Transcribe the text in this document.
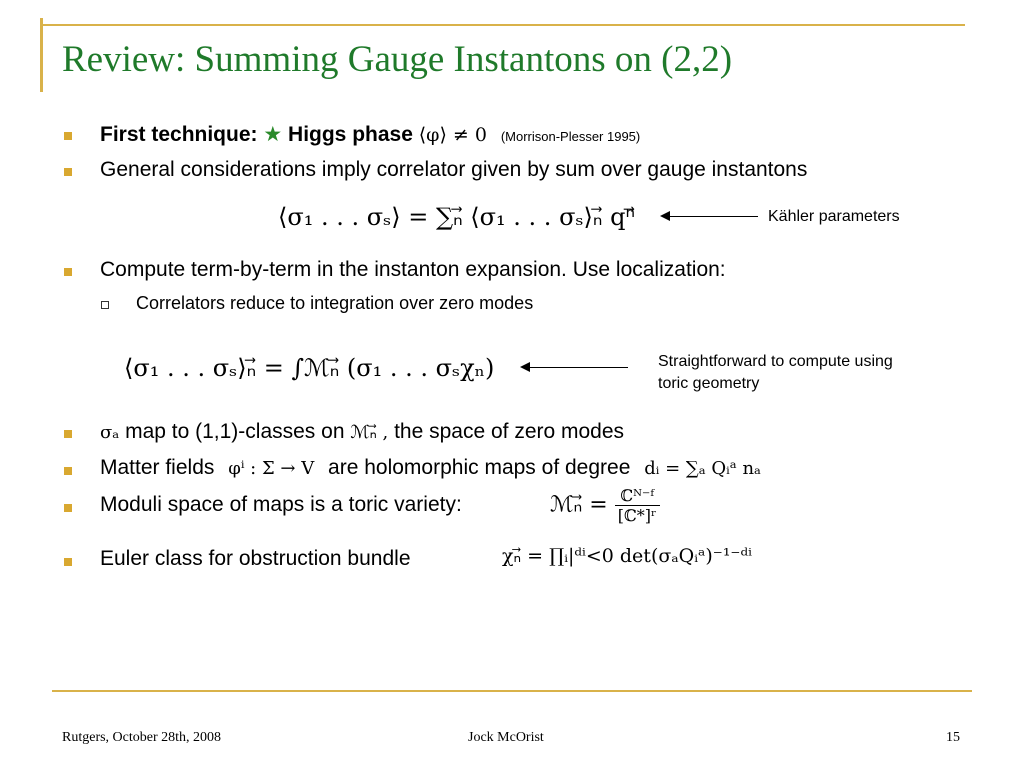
Review: Summing Gauge Instantons on (2,2)
First technique: ★ Higgs phase ⟨φ⟩ ≠ 0 (Morrison-Plesser 1995)
General considerations imply correlator given by sum over gauge instantons
⟨σ₁ . . . σₛ⟩ = ∑ₙ⃗ ⟨σ₁ . . . σₛ⟩ₙ⃗ qⁿ⃗	Kähler parameters
Compute term-by-term in the instanton expansion. Use localization:
Correlators reduce to integration over zero modes
⟨σ₁ . . . σₛ⟩ₙ⃗ = ∫ℳₙ⃗ (σ₁ . . . σₛχₙ)	Straightforward to compute using
toric geometry
σₐ map to (1,1)-classes on ℳₙ⃗ , the space of zero modes
Matter fields φⁱ : Σ → V are holomorphic maps of degree dᵢ = ∑ₐ Qᵢᵃ nₐ
Moduli space of maps is a toric variety:	ℳₙ⃗ = $\frac{\text{ℂᴺ⁻ᶠ}}{\text{[ℂ*]ʳ}}$
Euler class for obstruction bundle	χₙ⃗ = ∏ᵢ|ᵈⁱ<0 det(σₐQᵢᵃ)⁻¹⁻ᵈⁱ
Rutgers, October 28th, 2008	Jock McOrist	15
